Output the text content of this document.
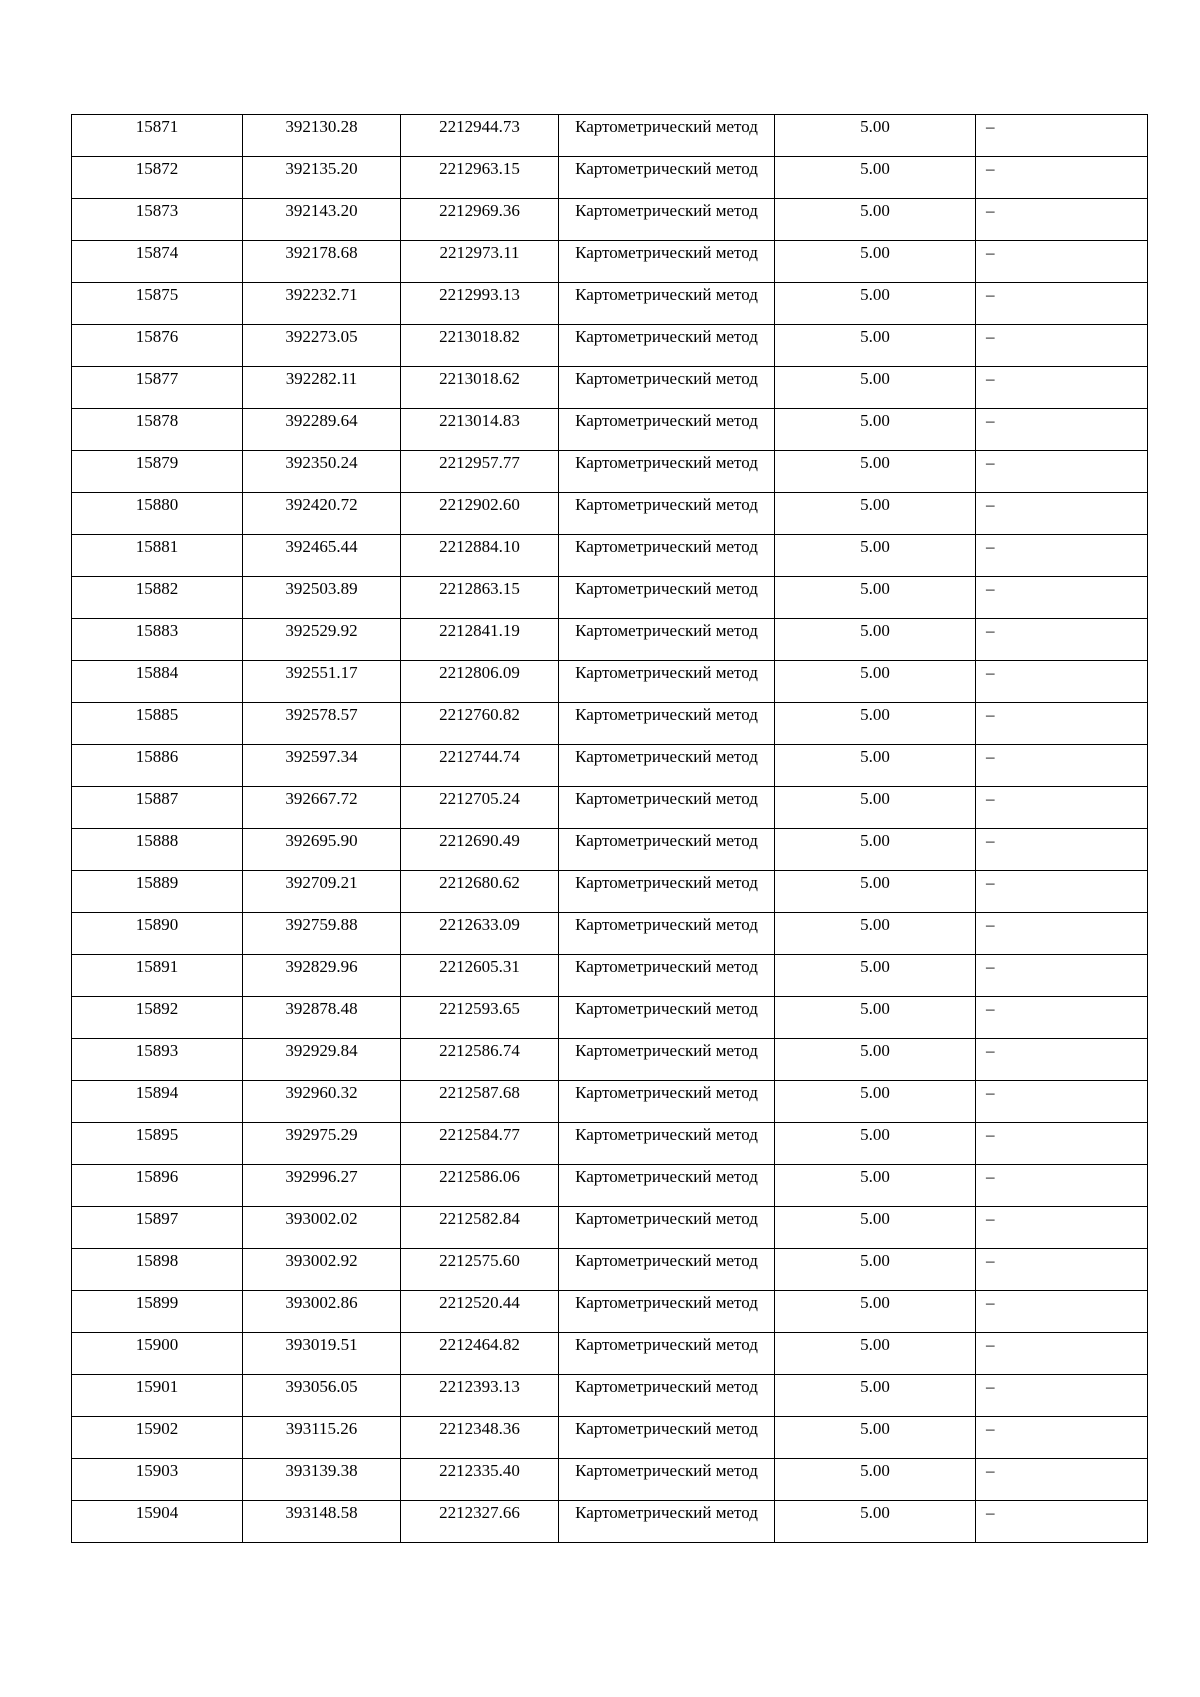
15871	392130.28	2212944.73	Картометрический метод	5.00	–

15872	392135.20	2212963.15	Картометрический метод	5.00	–

15873	392143.20	2212969.36	Картометрический метод	5.00	–

15874	392178.68	2212973.11	Картометрический метод	5.00	–

15875	392232.71	2212993.13	Картометрический метод	5.00	–

15876	392273.05	2213018.82	Картометрический метод	5.00	–

15877	392282.11	2213018.62	Картометрический метод	5.00	–

15878	392289.64	2213014.83	Картометрический метод	5.00	–

15879	392350.24	2212957.77	Картометрический метод	5.00	–

15880	392420.72	2212902.60	Картометрический метод	5.00	–

15881	392465.44	2212884.10	Картометрический метод	5.00	–

15882	392503.89	2212863.15	Картометрический метод	5.00	–

15883	392529.92	2212841.19	Картометрический метод	5.00	–

15884	392551.17	2212806.09	Картометрический метод	5.00	–

15885	392578.57	2212760.82	Картометрический метод	5.00	–

15886	392597.34	2212744.74	Картометрический метод	5.00	–

15887	392667.72	2212705.24	Картометрический метод	5.00	–

15888	392695.90	2212690.49	Картометрический метод	5.00	–

15889	392709.21	2212680.62	Картометрический метод	5.00	–

15890	392759.88	2212633.09	Картометрический метод	5.00	–

15891	392829.96	2212605.31	Картометрический метод	5.00	–

15892	392878.48	2212593.65	Картометрический метод	5.00	–

15893	392929.84	2212586.74	Картометрический метод	5.00	–

15894	392960.32	2212587.68	Картометрический метод	5.00	–

15895	392975.29	2212584.77	Картометрический метод	5.00	–

15896	392996.27	2212586.06	Картометрический метод	5.00	–

15897	393002.02	2212582.84	Картометрический метод	5.00	–

15898	393002.92	2212575.60	Картометрический метод	5.00	–

15899	393002.86	2212520.44	Картометрический метод	5.00	–

15900	393019.51	2212464.82	Картометрический метод	5.00	–

15901	393056.05	2212393.13	Картометрический метод	5.00	–

15902	393115.26	2212348.36	Картометрический метод	5.00	–

15903	393139.38	2212335.40	Картометрический метод	5.00	–

15904	393148.58	2212327.66	Картометрический метод	5.00	–
